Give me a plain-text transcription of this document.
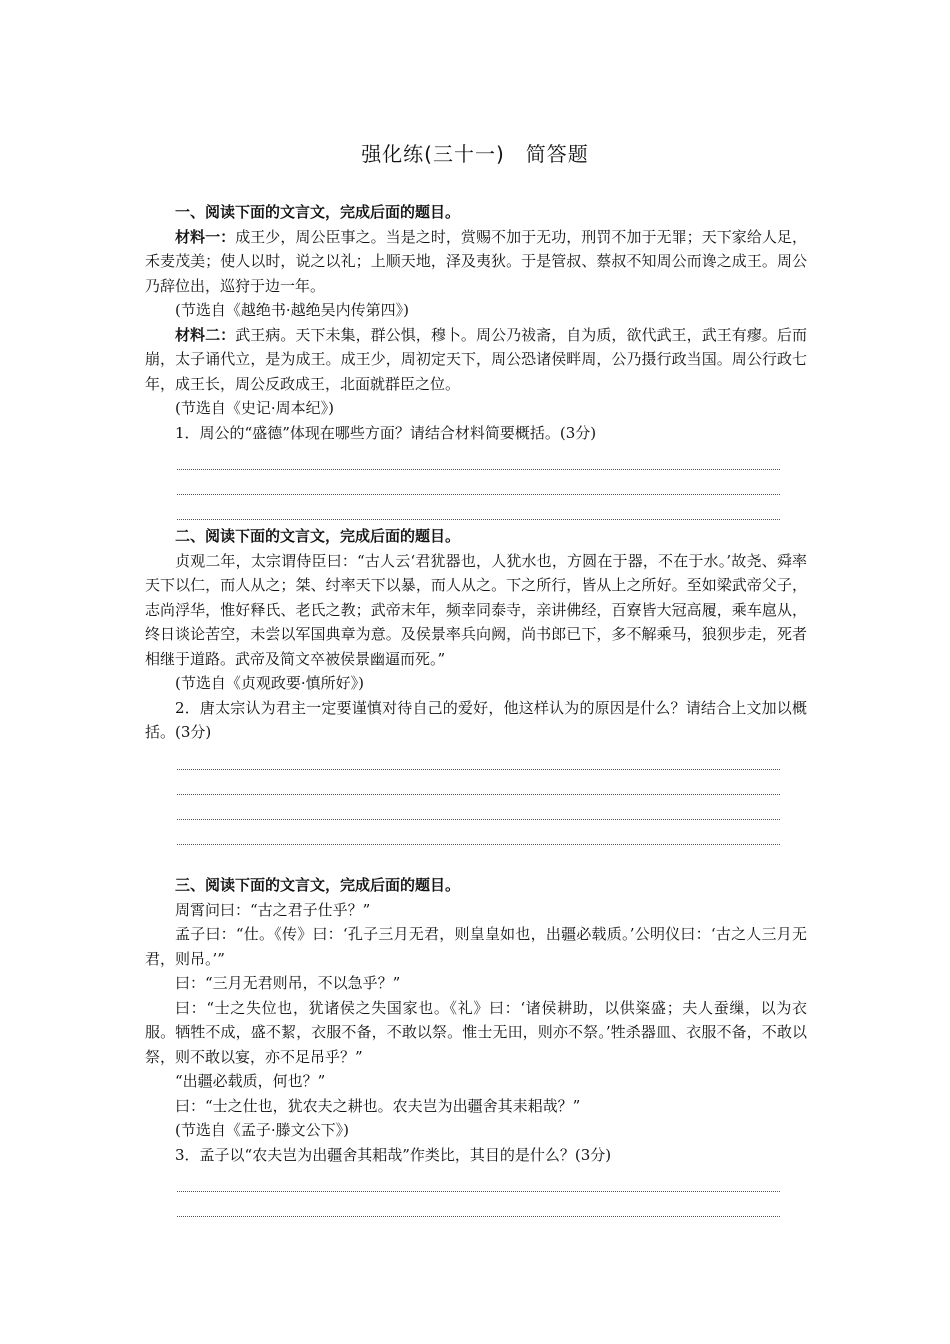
强化练(三十一)　简答题

一、阅读下面的文言文，完成后面的题目。

材料一：成王少，周公臣事之。当是之时，赏赐不加于无功，刑罚不加于无罪；天下家给人足，禾麦茂美；使人以时，说之以礼；上顺天地，泽及夷狄。于是管叔、蔡叔不知周公而谗之成王。周公乃辞位出，巡狩于边一年。

(节选自《越绝书·越绝吴内传第四》)

材料二：武王病。天下未集，群公惧，穆卜。周公乃祓斋，自为质，欲代武王，武王有瘳。后而崩，太子诵代立，是为成王。成王少，周初定天下，周公恐诸侯畔周，公乃摄行政当国。周公行政七年，成王长，周公反政成王，北面就群臣之位。

(节选自《史记·周本纪》)

1．周公的“盛德”体现在哪些方面？请结合材料简要概括。(3分)

二、阅读下面的文言文，完成后面的题目。

贞观二年，太宗谓侍臣曰：“古人云‘君犹器也，人犹水也，方圆在于器，不在于水。’故尧、舜率天下以仁，而人从之；桀、纣率天下以暴，而人从之。下之所行，皆从上之所好。至如梁武帝父子，志尚浮华，惟好释氏、老氏之教；武帝末年，频幸同泰寺，亲讲佛经，百寮皆大冠高履，乘车扈从，终日谈论苦空，未尝以军国典章为意。及侯景率兵向阙，尚书郎已下，多不解乘马，狼狈步走，死者相继于道路。武帝及简文卒被侯景幽逼而死。”

(节选自《贞观政要·慎所好》)

2．唐太宗认为君主一定要谨慎对待自己的爱好，他这样认为的原因是什么？请结合上文加以概括。(3分)

三、阅读下面的文言文，完成后面的题目。

周霄问曰：“古之君子仕乎？”

孟子曰：“仕。《传》曰：‘孔子三月无君，则皇皇如也，出疆必载质。’公明仪曰：‘古之人三月无君，则吊。’”

曰：“三月无君则吊，不以急乎？”

曰：“士之失位也，犹诸侯之失国家也。《礼》曰：‘诸侯耕助，以供粢盛；夫人蚕缫，以为衣服。牺牲不成，盛不絜，衣服不备，不敢以祭。惟士无田，则亦不祭。’牲杀器皿、衣服不备，不敢以祭，则不敢以宴，亦不足吊乎？”

“出疆必载质，何也？”

曰：“士之仕也，犹农夫之耕也。农夫岂为出疆舍其耒耜哉？”

(节选自《孟子·滕文公下》)

3．孟子以“农夫岂为出疆舍其耜哉”作类比，其目的是什么？(3分)
